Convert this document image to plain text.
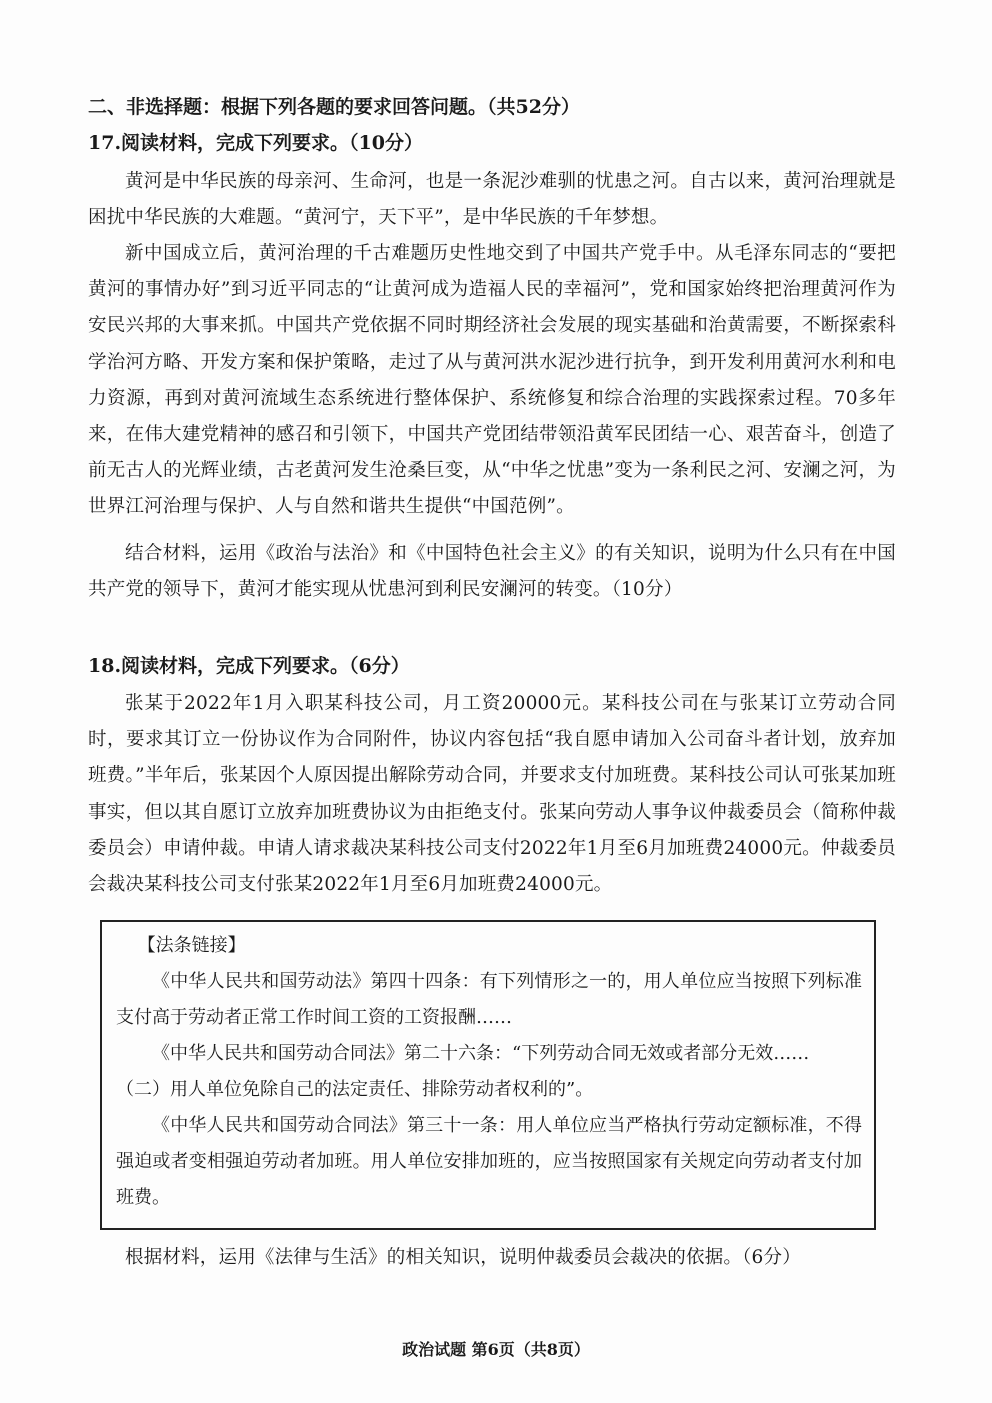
二、非选择题：根据下列各题的要求回答问题。（共52分）

17.阅读材料，完成下列要求。（10分）

黄河是中华民族的母亲河、生命河，也是一条泥沙难驯的忧患之河。自古以来，黄河治理就是困扰中华民族的大难题。“黄河宁，天下平”，是中华民族的千年梦想。

新中国成立后，黄河治理的千古难题历史性地交到了中国共产党手中。从毛泽东同志的“要把黄河的事情办好”到习近平同志的“让黄河成为造福人民的幸福河”，党和国家始终把治理黄河作为安民兴邦的大事来抓。中国共产党依据不同时期经济社会发展的现实基础和治黄需要，不断探索科学治河方略、开发方案和保护策略，走过了从与黄河洪水泥沙进行抗争，到开发利用黄河水利和电力资源，再到对黄河流域生态系统进行整体保护、系统修复和综合治理的实践探索过程。70多年来，在伟大建党精神的感召和引领下，中国共产党团结带领沿黄军民团结一心、艰苦奋斗，创造了前无古人的光辉业绩，古老黄河发生沧桑巨变，从“中华之忧患”变为一条利民之河、安澜之河，为世界江河治理与保护、人与自然和谐共生提供“中国范例”。

结合材料，运用《政治与法治》和《中国特色社会主义》的有关知识，说明为什么只有在中国共产党的领导下，黄河才能实现从忧患河到利民安澜河的转变。（10分）

18.阅读材料，完成下列要求。（6分）

张某于2022年1月入职某科技公司，月工资20000元。某科技公司在与张某订立劳动合同时，要求其订立一份协议作为合同附件，协议内容包括“我自愿申请加入公司奋斗者计划，放弃加班费。”半年后，张某因个人原因提出解除劳动合同，并要求支付加班费。某科技公司认可张某加班事实，但以其自愿订立放弃加班费协议为由拒绝支付。张某向劳动人事争议仲裁委员会（简称仲裁委员会）申请仲裁。申请人请求裁决某科技公司支付2022年1月至6月加班费24000元。仲裁委员会裁决某科技公司支付张某2022年1月至6月加班费24000元。

【法条链接】

《中华人民共和国劳动法》第四十四条：有下列情形之一的，用人单位应当按照下列标准支付高于劳动者正常工作时间工资的工资报酬……

《中华人民共和国劳动合同法》第二十六条：“下列劳动合同无效或者部分无效……

（二）用人单位免除自己的法定责任、排除劳动者权利的”。

《中华人民共和国劳动合同法》第三十一条：用人单位应当严格执行劳动定额标准，不得强迫或者变相强迫劳动者加班。用人单位安排加班的，应当按照国家有关规定向劳动者支付加班费。

根据材料，运用《法律与生活》的相关知识，说明仲裁委员会裁决的依据。（6分）

政治试题 第6页（共8页）
